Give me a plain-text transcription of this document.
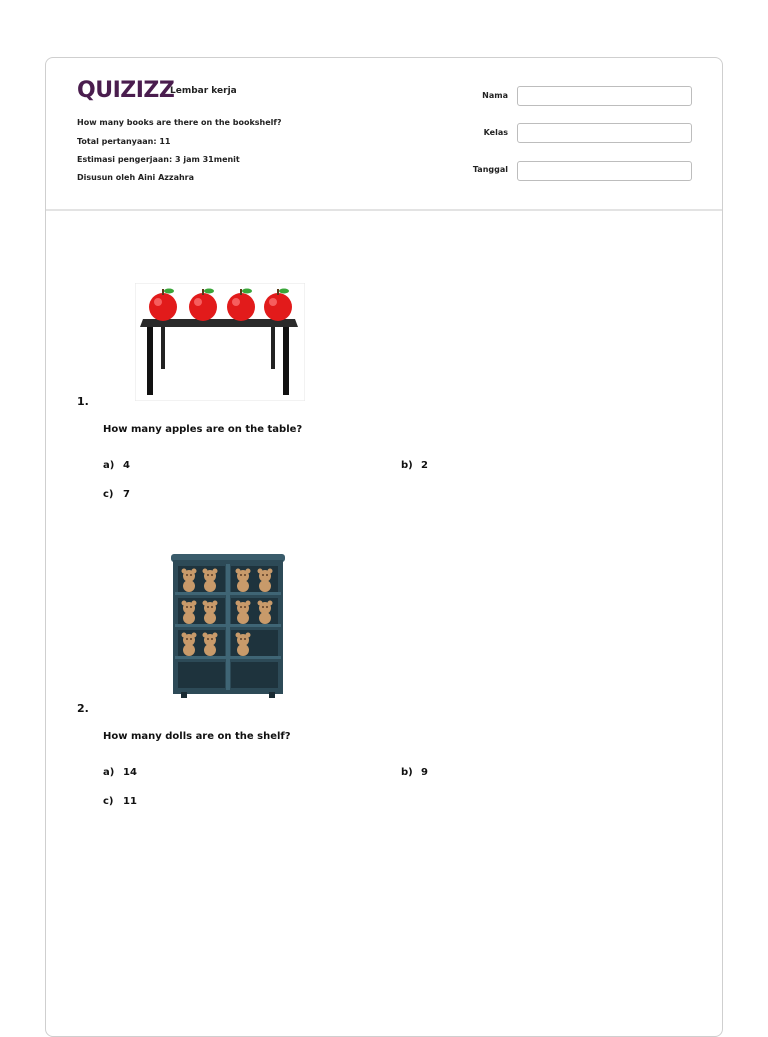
QUIZIZZ
Lembar kerja
How many books are there on the bookshelf?
Total pertanyaan: 11
Estimasi pengerjaan: 3 jam 31menit
Disusun oleh Aini Azzahra
Nama
Kelas
Tanggal
1.
How many apples are on the table?
a) 4	b) 2
c) 7
2.
How many dolls are on the shelf?
a) 14	b) 9
c) 11
